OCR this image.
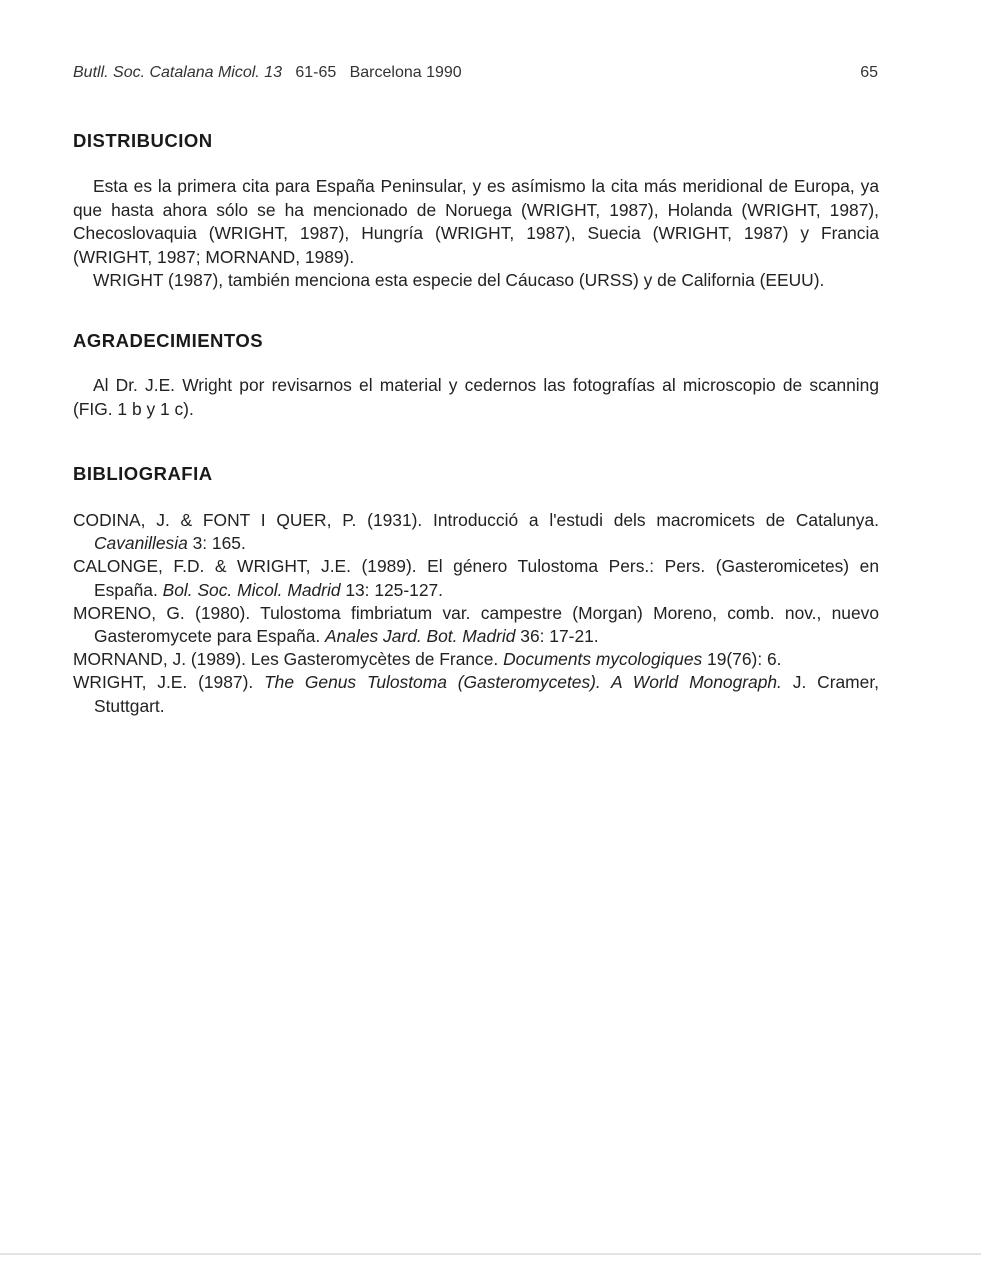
Butll. Soc. Catalana Micol. 13 61-65 Barcelona 1990	65
DISTRIBUCION

Esta es la primera cita para España Peninsular, y es asímismo la cita más meridional de Europa, ya que hasta ahora sólo se ha mencionado de Noruega (WRIGHT, 1987), Holanda (WRIGHT, 1987), Checoslovaquia (WRIGHT, 1987), Hungría (WRIGHT, 1987), Suecia (WRIGHT, 1987) y Francia (WRIGHT, 1987; MORNAND, 1989).

WRIGHT (1987), también menciona esta especie del Cáucaso (URSS) y de California (EEUU).

AGRADECIMIENTOS

Al Dr. J.E. Wright por revisarnos el material y cedernos las fotografías al microscopio de scanning (FIG. 1 b y 1 c).

BIBLIOGRAFIA

CODINA, J. & FONT I QUER, P. (1931). Introducció a l'estudi dels macromicets de Catalunya. Cavanillesia 3: 165.

CALONGE, F.D. & WRIGHT, J.E. (1989). El género Tulostoma Pers.: Pers. (Gasteromicetes) en España. Bol. Soc. Micol. Madrid 13: 125-127.

MORENO, G. (1980). Tulostoma fimbriatum var. campestre (Morgan) Moreno, comb. nov., nuevo Gasteromycete para España. Anales Jard. Bot. Madrid 36: 17-21.

MORNAND, J. (1989). Les Gasteromycètes de France. Documents mycologiques 19(76): 6.

WRIGHT, J.E. (1987). The Genus Tulostoma (Gasteromycetes). A World Monograph. J. Cramer, Stuttgart.
